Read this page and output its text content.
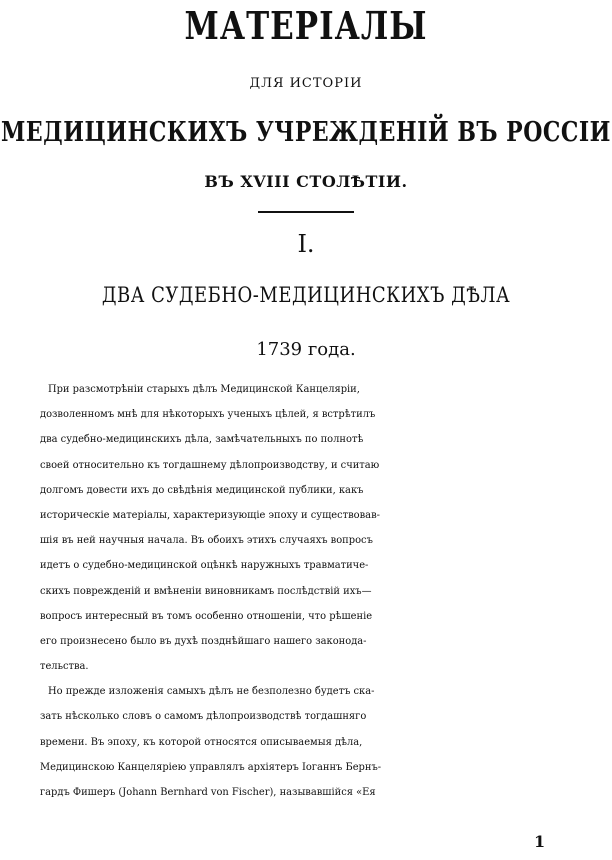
МАТЕРІАЛЫ
ДЛЯ ИСТОРІИ
МЕДИЦИНСКИХЪ УЧРЕЖДЕНІЙ ВЪ РОССІИ
ВЪ XVIII СТОЛѢТІИ.
I.
ДВА СУДЕБНО-МЕДИЦИНСКИХЪ ДѢЛА
1739 года.
При разсмотрѣніи старыхъ дѣлъ Медицинской Канцеляріи,
дозволенномъ мнѣ для нѣкоторыхъ ученыхъ цѣлей, я встрѣтилъ
два судебно-медицинскихъ дѣла, замѣчательныхъ по полнотѣ
своей относительно къ тогдашнему дѣлопроизводству, и считаю
долгомъ довести ихъ до свѣдѣнія медицинской публики, какъ
историческіе матеріалы, характеризующіе эпоху и существовав-
шія въ ней научныя начала. Въ обоихъ этихъ случаяхъ вопросъ
идетъ о судебно-медицинской оцѣнкѣ наружныхъ травматиче-
скихъ поврежденій и вмѣненіи виновникамъ послѣдствій ихъ—
вопросъ интересный въ томъ особенно отношеніи, что рѣшеніе
его произнесено было въ духѣ позднѣйшаго нашего законода-
тельства.
Но прежде изложенія самыхъ дѣлъ не безполезно будетъ ска-
зать нѣсколько словъ о самомъ дѣлопроизводствѣ тогдашняго
времени. Въ эпоху, къ которой относятся описываемыя дѣла,
Медицинскою Канцеляріею управлялъ архіятеръ Іоганнъ Бернъ-
гардъ Фишеръ (Johann Bernhard von Fischer), называвшійся «Ея
1
